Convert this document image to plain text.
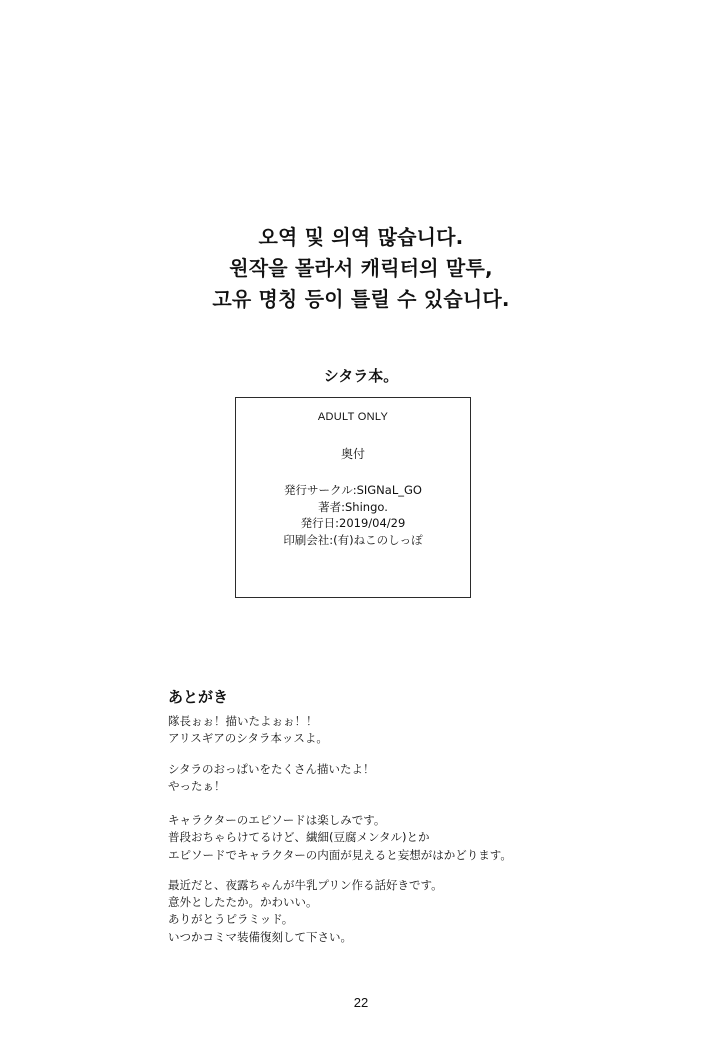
오역 및 의역 많습니다.
원작을 몰라서 캐릭터의 말투,
고유 명칭 등이 틀릴 수 있습니다.
シタラ本。
ADULT ONLY
奥付
発行サークル:SIGNaL_GO
著者:Shingo.
発行日:2019/04/29
印刷会社:(有)ねこのしっぽ
あとがき
隊長ぉぉ！描いたよぉぉ！！
アリスギアのシタラ本ッスよ。
シタラのおっぱいをたくさん描いたよ！
やったぁ！
キャラクターのエピソードは楽しみです。
普段おちゃらけてるけど、繊細(豆腐メンタル)とか
エピソードでキャラクターの内面が見えると妄想がはかどります。
最近だと、夜露ちゃんが牛乳プリン作る話好きです。
意外としたたか。かわいい。
ありがとうピラミッド。
いつかコミマ装備復刻して下さい。
22
